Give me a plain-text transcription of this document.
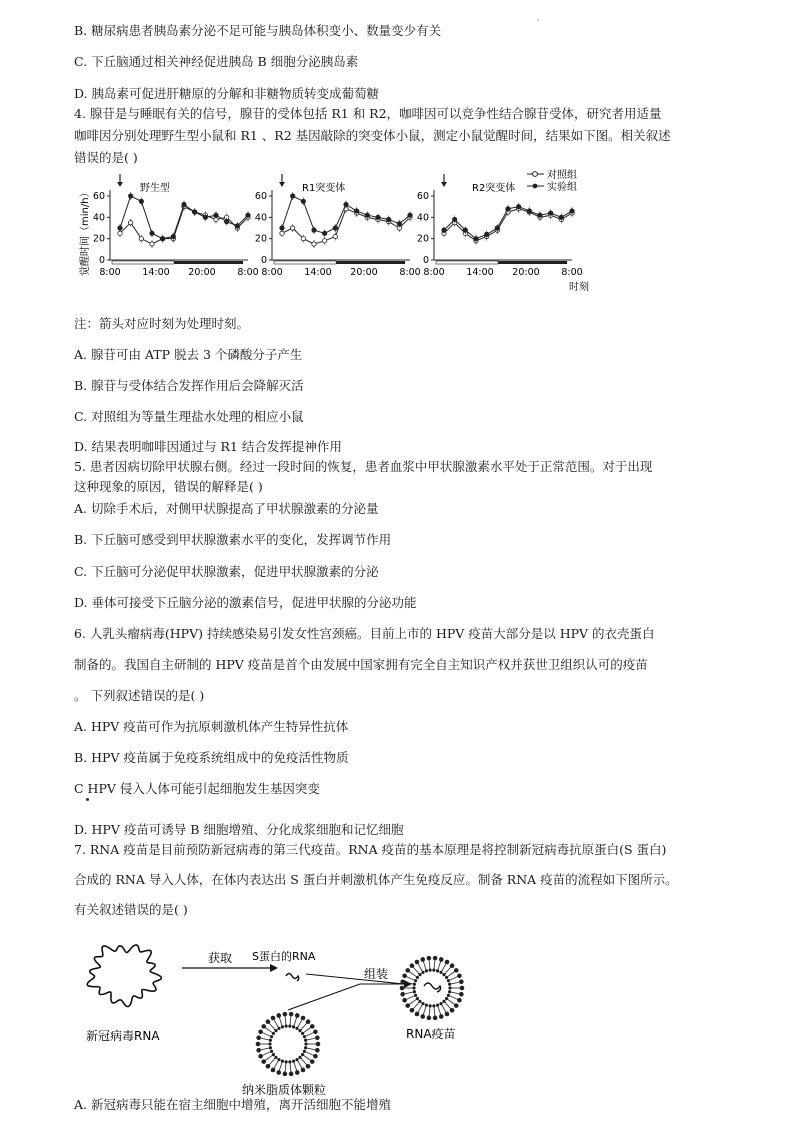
'
B. 糖尿病患者胰岛素分泌不足可能与胰岛体积变小、数量变少有关
C. 下丘脑通过相关神经促进胰岛 B 细胞分泌胰岛素
D. 胰岛素可促进肝糖原的分解和非糖物质转变成葡萄糖
4. 腺苷是与睡眠有关的信号，腺苷的受体包括 R1 和 R2，咖啡因可以竞争性结合腺苷受体，研究者用适量
咖啡因分别处理野生型小鼠和 R1 、R2 基因敲除的突变体小鼠，测定小鼠觉醒时间，结果如下图。相关叙述
错误的是( )
觉醒时间（min/h）
时刻
对照组
实验组
60
40
20
0
8:00 14:00 20:00 8:00
野生型
60
40
20
0
8:00 14:00 20:00 8:00
R1突变体
60
40
20
0
8:00 14:00 20:00 8:00
R2突变体
注：箭头对应时刻为处理时刻。
A. 腺苷可由 ATP 脱去 3 个磷酸分子产生
B. 腺苷与受体结合发挥作用后会降解灭活
C. 对照组为等量生理盐水处理的相应小鼠
D. 结果表明咖啡因通过与 R1 结合发挥提神作用
5. 患者因病切除甲状腺右侧。经过一段时间的恢复，患者血浆中甲状腺激素水平处于正常范围。对于出现
这种现象的原因，错误的解释是( )
A. 切除手术后，对侧甲状腺提高了甲状腺激素的分泌量
B. 下丘脑可感受到甲状腺激素水平的变化，发挥调节作用
C. 下丘脑可分泌促甲状腺激素，促进甲状腺激素的分泌
D. 垂体可接受下丘脑分泌的激素信号，促进甲状腺的分泌功能
6. 人乳头瘤病毒(HPV) 持续感染易引发女性宫颈癌。目前上市的 HPV 疫苗大部分是以 HPV 的衣壳蛋白
制备的。我国自主研制的 HPV 疫苗是首个由发展中国家拥有完全自主知识产权并获世卫组织认可的疫苗
。 下列叙述错误的是( )
A. HPV 疫苗可作为抗原刺激机体产生特异性抗体
B. HPV 疫苗属于免疫系统组成中的免疫活性物质
C HPV 侵入人体可能引起细胞发生基因突变
D. HPV 疫苗可诱导 B 细胞增殖、分化成浆细胞和记忆细胞
7. RNA 疫苗是目前预防新冠病毒的第三代疫苗。RNA 疫苗的基本原理是将控制新冠病毒抗原蛋白(S 蛋白)
合成的 RNA 导入人体，在体内表达出 S 蛋白并刺激机体产生免疫反应。制备 RNA 疫苗的流程如下图所示。
有关叙述错误的是( )
新冠病毒RNA
获取 S蛋白的RNA
组装
纳米脂质体颗粒
RNA疫苗
A. 新冠病毒只能在宿主细胞中增殖，离开活细胞不能增殖
